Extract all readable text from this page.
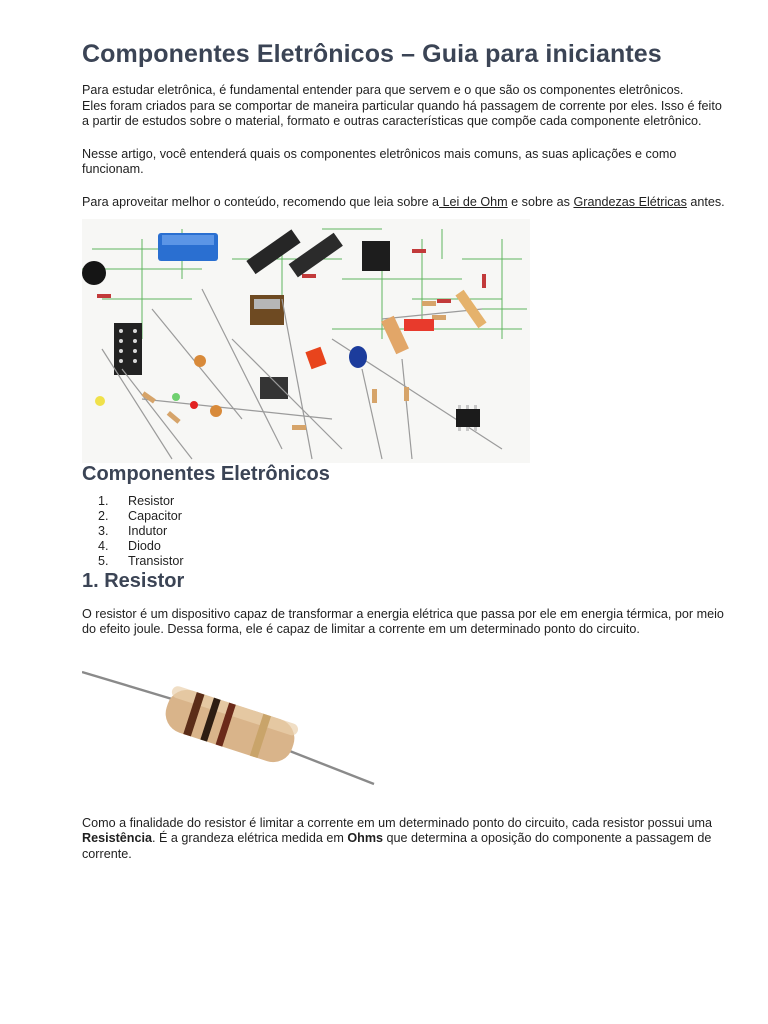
Componentes Eletrônicos – Guia para iniciantes

Para estudar eletrônica, é fundamental entender para que servem e o que são os componentes eletrônicos.
Eles foram criados para se comportar de maneira particular quando há passagem de corrente por eles. Isso é feito a partir de estudos sobre o material, formato e outras características que compõe cada componente eletrônico.

Nesse artigo, você entenderá quais os componentes eletrônicos mais comuns, as suas aplicações e como funcionam.

Para aproveitar melhor o conteúdo, recomendo que leia sobre a Lei de Ohm e sobre as Grandezas Elétricas antes.

Componentes Eletrônicos
1.	Resistor
2.	Capacitor
3.	Indutor
4.	Diodo
5.	Transistor
1. Resistor

O resistor é um dispositivo capaz de transformar a energia elétrica que passa por ele em energia térmica, por meio do efeito joule. Dessa forma, ele é capaz de limitar a corrente em um determinado ponto do circuito.

Como a finalidade do resistor é limitar a corrente em um determinado ponto do circuito, cada resistor possui uma Resistência. É a grandeza elétrica medida em Ohms que determina a oposição do componente a passagem de corrente.
